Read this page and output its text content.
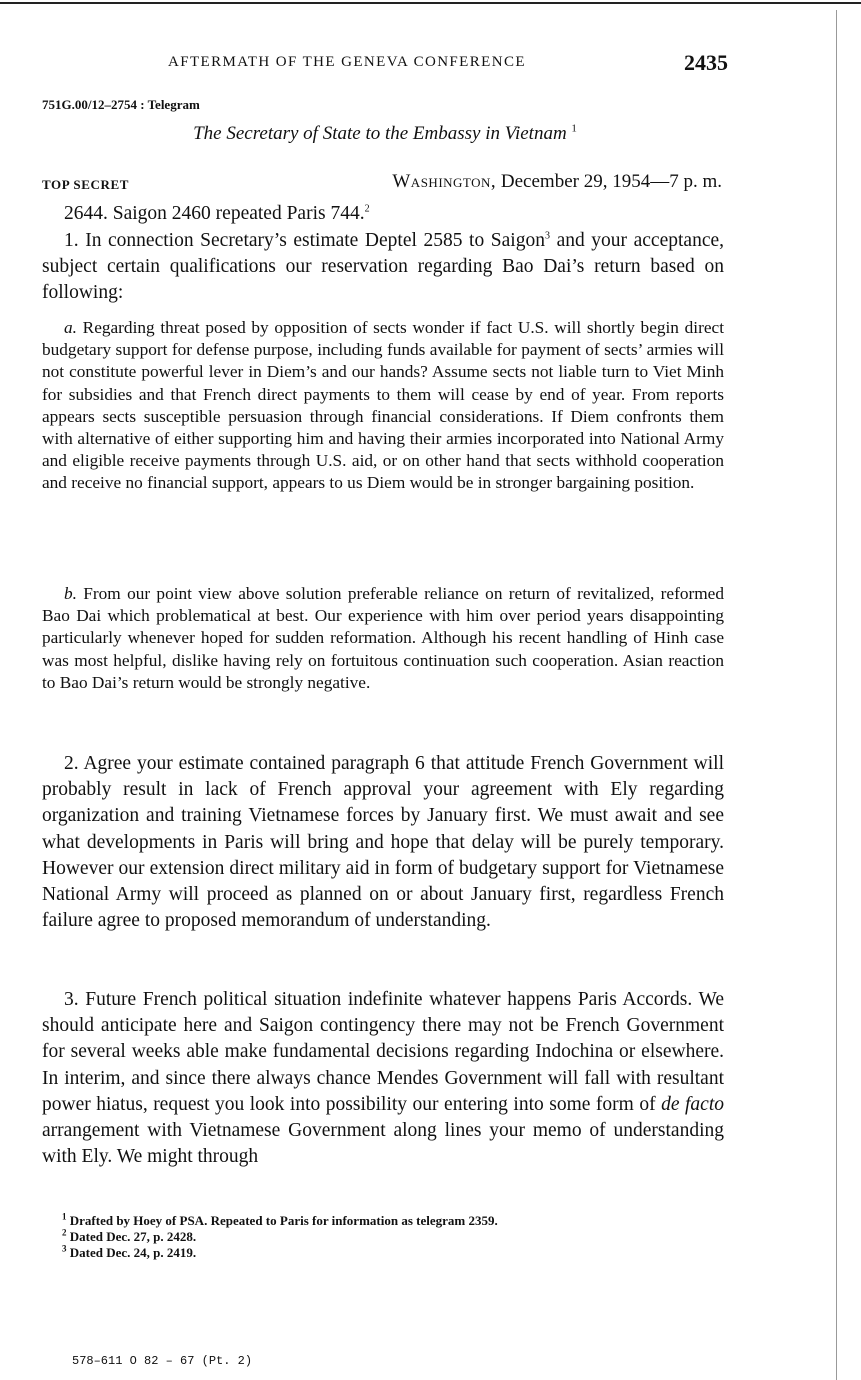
AFTERMATH OF THE GENEVA CONFERENCE	2435
751G.00/12–2754 : Telegram
The Secretary of State to the Embassy in Vietnam $^1$
TOP SECRET	Washington, December 29, 1954—7 p. m.

2644. Saigon 2460 repeated Paris 744.$^2$

1. In connection Secretary’s estimate Deptel 2585 to Saigon$^3$ and your acceptance, subject certain qualifications our reservation regarding Bao Dai’s return based on following:

a. Regarding threat posed by opposition of sects wonder if fact U.S. will shortly begin direct budgetary support for defense purpose, including funds available for payment of sects’ armies will not constitute powerful lever in Diem’s and our hands? Assume sects not liable turn to Viet Minh for subsidies and that French direct payments to them will cease by end of year. From reports appears sects susceptible persuasion through financial considerations. If Diem confronts them with alternative of either supporting him and having their armies incorporated into National Army and eligible receive payments through U.S. aid, or on other hand that sects withhold cooperation and receive no financial support, appears to us Diem would be in stronger bargaining position.

b. From our point view above solution preferable reliance on return of revitalized, reformed Bao Dai which problematical at best. Our experience with him over period years disappointing particularly whenever hoped for sudden reformation. Although his recent handling of Hinh case was most helpful, dislike having rely on fortuitous continuation such cooperation. Asian reaction to Bao Dai’s return would be strongly negative.

2. Agree your estimate contained paragraph 6 that attitude French Government will probably result in lack of French approval your agreement with Ely regarding organization and training Vietnamese forces by January first. We must await and see what developments in Paris will bring and hope that delay will be purely temporary. However our extension direct military aid in form of budgetary support for Vietnamese National Army will proceed as planned on or about January first, regardless French failure agree to proposed memorandum of understanding.

3. Future French political situation indefinite whatever happens Paris Accords. We should anticipate here and Saigon contingency there may not be French Government for several weeks able make fundamental decisions regarding Indochina or elsewhere. In interim, and since there always chance Mendes Government will fall with resultant power hiatus, request you look into possibility our entering into some form of de facto arrangement with Vietnamese Government along lines your memo of understanding with Ely. We might through

$^1$ Drafted by Hoey of PSA. Repeated to Paris for information as telegram 2359.

$^2$ Dated Dec. 27, p. 2428.

$^3$ Dated Dec. 24, p. 2419.

578–611 O 82 – 67 (Pt. 2)
